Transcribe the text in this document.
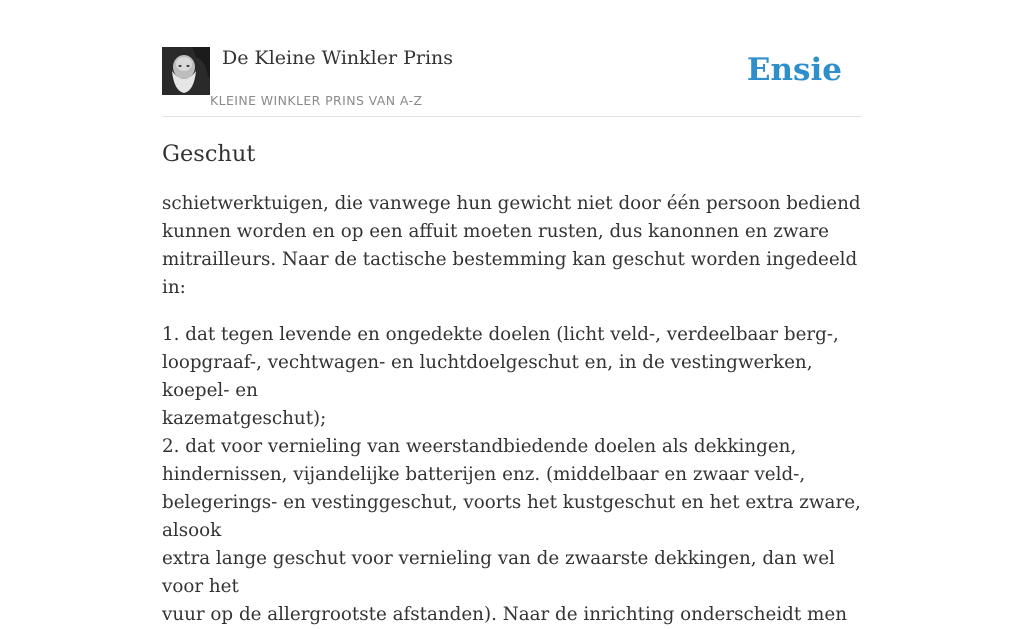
De Kleine Winkler Prins
KLEINE WINKLER PRINS VAN A-Z
Ensie
Geschut

schietwerktuigen, die vanwege hun gewicht niet door één persoon bediend
kunnen worden en op een affuit moeten rusten, dus kanonnen en zware
mitrailleurs. Naar de tactische bestemming kan geschut worden ingedeeld in:

1. dat tegen levende en ongedekte doelen (licht veld-, verdeelbaar berg-,
loopgraaf-, vechtwagen- en luchtdoelgeschut en, in de vestingwerken, koepel- en
kazematgeschut);
2. dat voor vernieling van weerstandbiedende doelen als dekkingen,
hindernissen, vijandelijke batterijen enz. (middelbaar en zwaar veld-,
belegerings- en vestinggeschut, voorts het kustgeschut en het extra zware, alsook
extra lange geschut voor vernieling van de zwaarste dekkingen, dan wel voor het
vuur op de allergrootste afstanden). Naar de inrichting onderscheidt men
